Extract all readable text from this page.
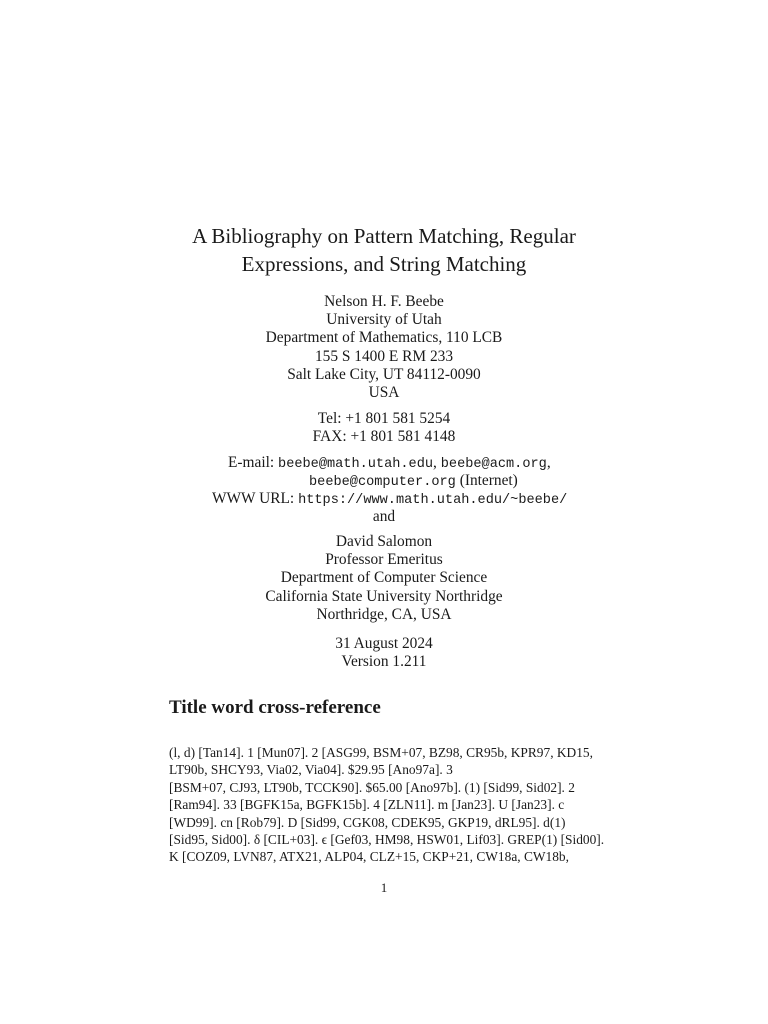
A Bibliography on Pattern Matching, Regular
Expressions, and String Matching
Nelson H. F. Beebe
University of Utah
Department of Mathematics, 110 LCB
155 S 1400 E RM 233
Salt Lake City, UT 84112-0090
USA
Tel: +1 801 581 5254
FAX: +1 801 581 4148
E-mail: beebe@math.utah.edu, beebe@acm.org,
beebe@computer.org (Internet)
WWW URL: https://www.math.utah.edu/~beebe/
and
David Salomon
Professor Emeritus
Department of Computer Science
California State University Northridge
Northridge, CA, USA
31 August 2024
Version 1.211
Title word cross-reference
(l, d) [Tan14]. 1 [Mun07]. 2 [ASG99, BSM+07, BZ98, CR95b, KPR97, KD15,
LT90b, SHCY93, Via02, Via04]. $29.95 [Ano97a]. 3
[BSM+07, CJ93, LT90b, TCCK90]. $65.00 [Ano97b]. (1) [Sid99, Sid02]. 2
[Ram94]. 33 [BGFK15a, BGFK15b]. 4 [ZLN11]. m [Jan23]. U [Jan23]. c
[WD99]. cn [Rob79]. D [Sid99, CGK08, CDEK95, GKP19, dRL95]. d(1)
[Sid95, Sid00]. δ [CIL+03]. ϵ [Gef03, HM98, HSW01, Lif03]. GREP(1) [Sid00].
K [COZ09, LVN87, ATX21, ALP04, CLZ+15, CKP+21, CW18a, CW18b,
1
